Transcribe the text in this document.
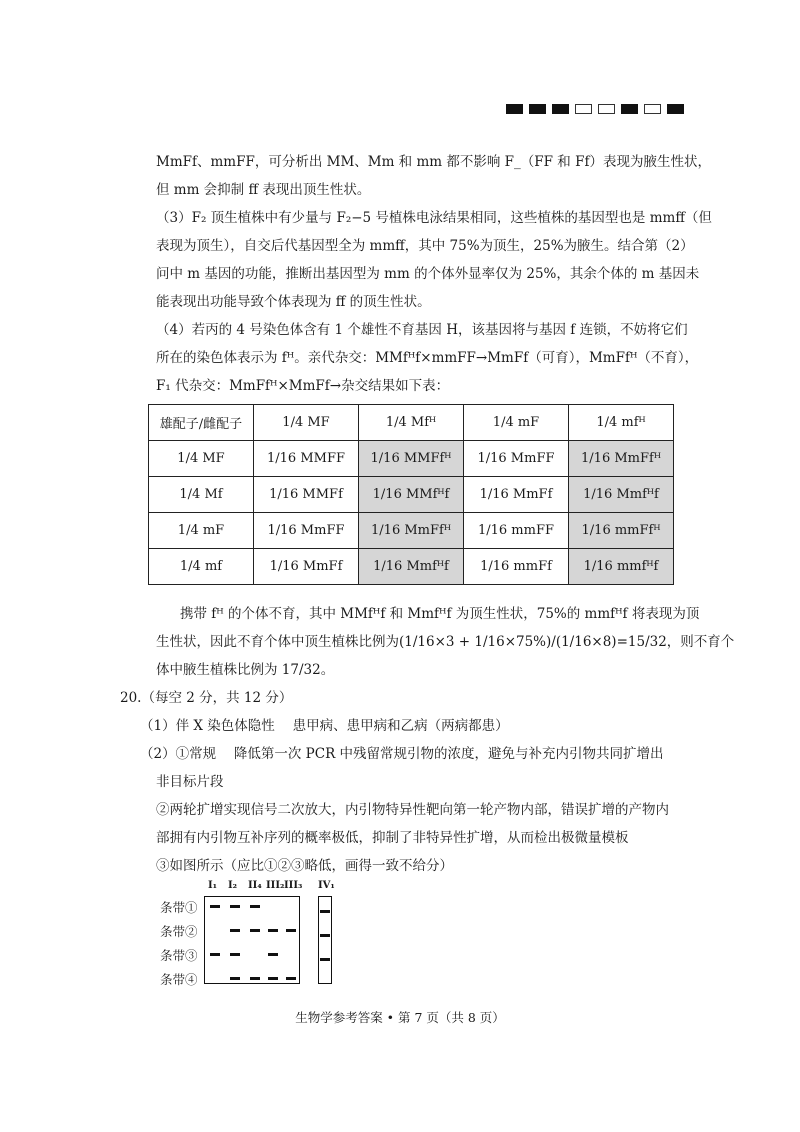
MmFf、mmFF，可分析出 MM、Mm 和 mm 都不影响 F_（FF 和 Ff）表现为腋生性状，
但 mm 会抑制 ff 表现出顶生性状。
（3）F₂ 顶生植株中有少量与 F₂−5 号植株电泳结果相同，这些植株的基因型也是 mmff（但
表现为顶生），自交后代基因型全为 mmff，其中 75%为顶生，25%为腋生。结合第（2）
问中 m 基因的功能，推断出基因型为 mm 的个体外显率仅为 25%，其余个体的 m 基因未
能表现出功能导致个体表现为 ff 的顶生性状。
（4）若丙的 4 号染色体含有 1 个雄性不育基因 H，该基因将与基因 f 连锁，不妨将它们
所在的染色体表示为 fᴴ。亲代杂交：MMfᴴf×mmFF→MmFf（可育），MmFfᴴ（不育），
F₁ 代杂交：MmFfᴴ×MmFf→杂交结果如下表：
雄配子/雌配子	1/4 MF	1/4 Mfᴴ	1/4 mF	1/4 mfᴴ
1/4 MF	1/16 MMFF	1/16 MMFfᴴ	1/16 MmFF	1/16 MmFfᴴ
1/4 Mf	1/16 MMFf	1/16 MMfᴴf	1/16 MmFf	1/16 Mmfᴴf
1/4 mF	1/16 MmFF	1/16 MmFfᴴ	1/16 mmFF	1/16 mmFfᴴ
1/4 mf	1/16 MmFf	1/16 Mmfᴴf	1/16 mmFf	1/16 mmfᴴf
携带 fᴴ 的个体不育，其中 MMfᴴf 和 Mmfᴴf 为顶生性状，75%的 mmfᴴf 将表现为顶
生性状，因此不育个体中顶生植株比例为(1/16×3 + 1/16×75%)/(1/16×8)=15/32，则不育个
体中腋生植株比例为 17/32。
20.（每空 2 分，共 12 分）
（1）伴 X 染色体隐性　 患甲病、患甲病和乙病（两病都患）
（2）①常规　 降低第一次 PCR 中残留常规引物的浓度，避免与补充内引物共同扩增出
非目标片段
②两轮扩增实现信号二次放大，内引物特异性靶向第一轮产物内部，错误扩增的产物内
部拥有内引物互补序列的概率极低，抑制了非特异性扩增，从而检出极微量模板
③如图所示（应比①②③略低，画得一致不给分）
I₁ I₂ II₄ III₂ III₃ IV₁
条带①
条带②
条带③
条带④
生物学参考答案 • 第 7 页（共 8 页）
